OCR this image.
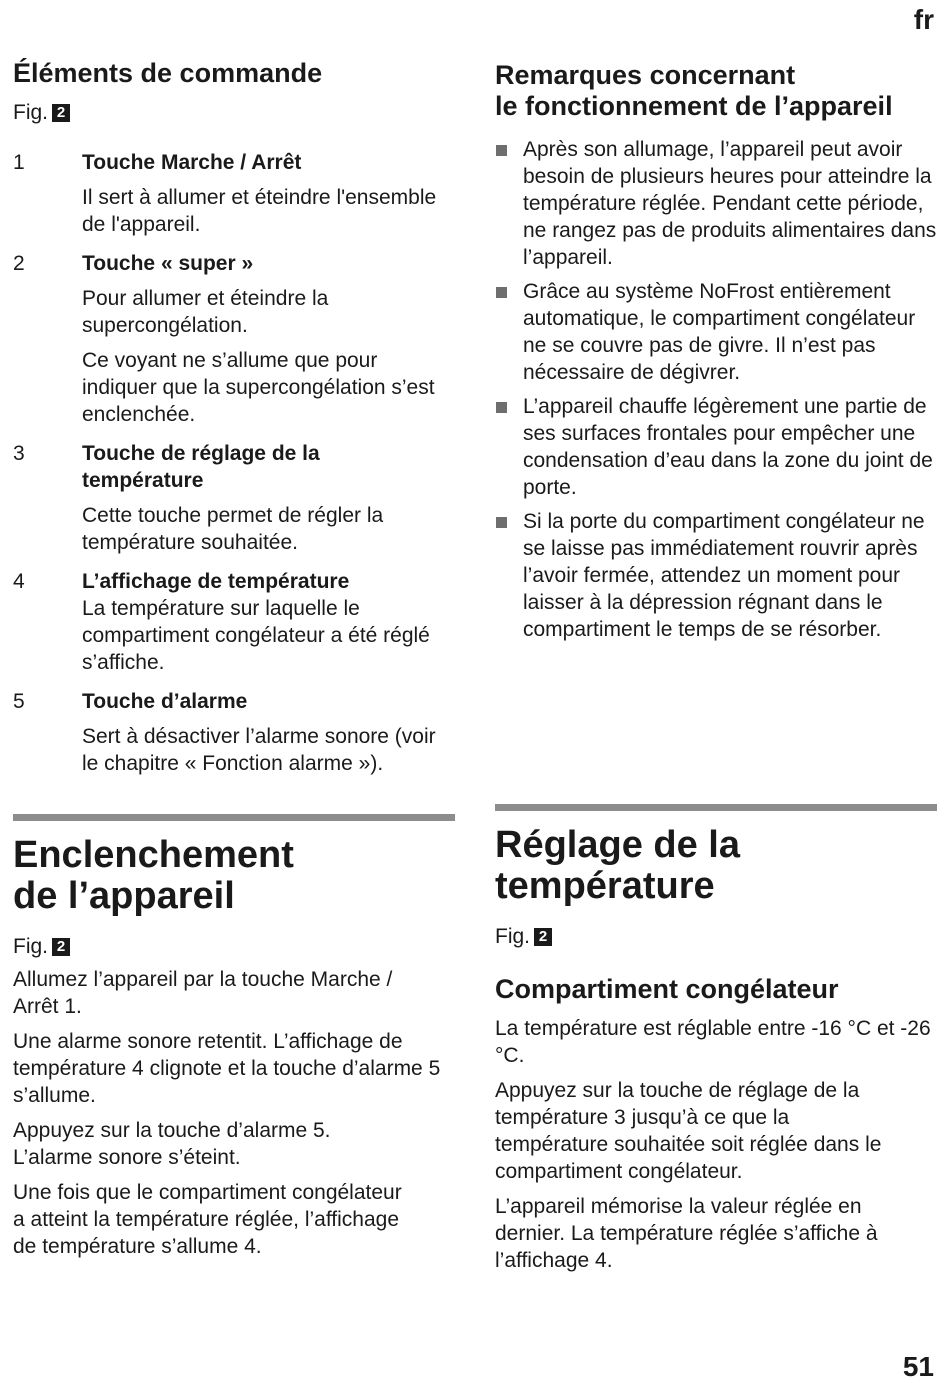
fr
Éléments de commande
Fig. 2
1	Touche Marche / Arrêt
Il sert à allumer et éteindre l'ensemble de l'appareil.
2	Touche « super »
Pour allumer et éteindre la supercongélation.
Ce voyant ne s’allume que pour indiquer que la supercongélation s’est enclenchée.
3	Touche de réglage de la température
Cette touche permet de régler la température souhaitée.
4	L’affichage de température
La température sur laquelle le compartiment congélateur a été réglé s’affiche.
5	Touche d’alarme
Sert à désactiver l’alarme sonore (voir le chapitre « Fonction alarme »).
Enclenchement
de l’appareil
Fig. 2
Allumez l’appareil par la touche Marche / Arrêt 1.
Une alarme sonore retentit. L’affichage de température 4 clignote et la touche d’alarme 5 s’allume.
Appuyez sur la touche d’alarme 5. L’alarme sonore s’éteint.
Une fois que le compartiment congélateur a atteint la température réglée, l’affichage de température s’allume 4.
Remarques concernant
le fonctionnement de l’appareil
Après son allumage, l’appareil peut avoir besoin de plusieurs heures pour atteindre la température réglée. Pendant cette période, ne rangez pas de produits alimentaires dans l’appareil.
Grâce au système NoFrost entièrement automatique, le compartiment congélateur ne se couvre pas de givre. Il n’est pas nécessaire de dégivrer.
L’appareil chauffe légèrement une partie de ses surfaces frontales pour empêcher une condensation d’eau dans la zone du joint de porte.
Si la porte du compartiment congélateur ne se laisse pas immédiatement rouvrir après l’avoir fermée, attendez un moment pour laisser à la dépression régnant dans le compartiment le temps de se résorber.
Réglage de la
température
Fig. 2
Compartiment congélateur
La température est réglable entre -16 °C et -26 °C.
Appuyez sur la touche de réglage de la température 3 jusqu’à ce que la température souhaitée soit réglée dans le compartiment congélateur.
L’appareil mémorise la valeur réglée en dernier. La température réglée s’affiche à l’affichage 4.
51
